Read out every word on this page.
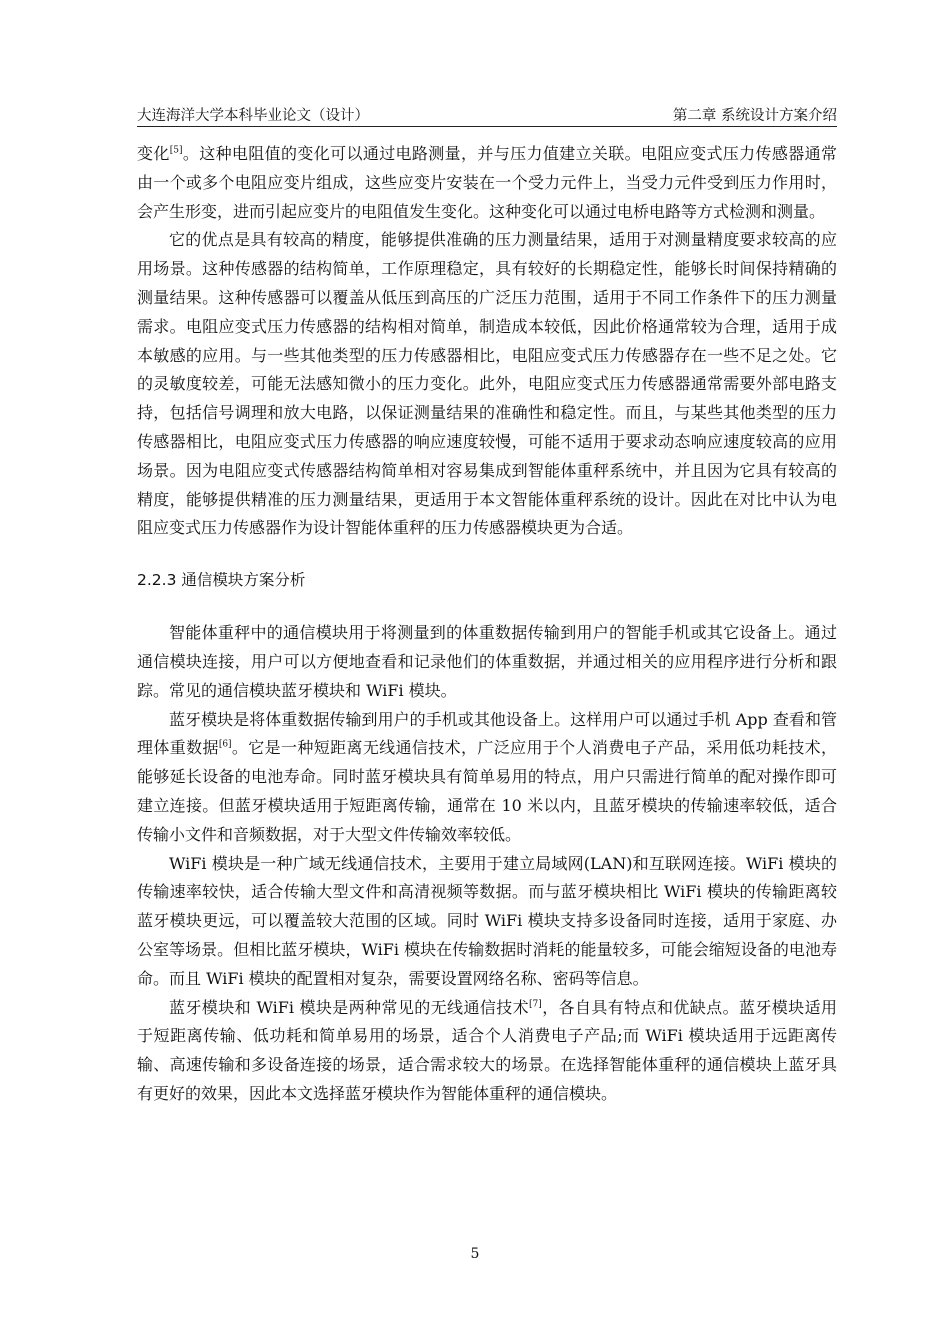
大连海洋大学本科毕业论文（设计）	第二章 系统设计方案介绍

变化[5]。这种电阻值的变化可以通过电路测量，并与压力值建立关联。电阻应变式压力传感器通常由一个或多个电阻应变片组成，这些应变片安装在一个受力元件上，当受力元件受到压力作用时，会产生形变，进而引起应变片的电阻值发生变化。这种变化可以通过电桥电路等方式检测和测量。

它的优点是具有较高的精度，能够提供准确的压力测量结果，适用于对测量精度要求较高的应用场景。这种传感器的结构简单，工作原理稳定，具有较好的长期稳定性，能够长时间保持精确的测量结果。这种传感器可以覆盖从低压到高压的广泛压力范围，适用于不同工作条件下的压力测量需求。电阻应变式压力传感器的结构相对简单，制造成本较低，因此价格通常较为合理，适用于成本敏感的应用。与一些其他类型的压力传感器相比，电阻应变式压力传感器存在一些不足之处。它的灵敏度较差，可能无法感知微小的压力变化。此外，电阻应变式压力传感器通常需要外部电路支持，包括信号调理和放大电路，以保证测量结果的准确性和稳定性。而且，与某些其他类型的压力传感器相比，电阻应变式压力传感器的响应速度较慢，可能不适用于要求动态响应速度较高的应用场景。因为电阻应变式传感器结构简单相对容易集成到智能体重秤系统中，并且因为它具有较高的精度，能够提供精准的压力测量结果，更适用于本文智能体重秤系统的设计。因此在对比中认为电阻应变式压力传感器作为设计智能体重秤的压力传感器模块更为合适。

2.2.3 通信模块方案分析

智能体重秤中的通信模块用于将测量到的体重数据传输到用户的智能手机或其它设备上。通过通信模块连接，用户可以方便地查看和记录他们的体重数据，并通过相关的应用程序进行分析和跟踪。常见的通信模块蓝牙模块和 WiFi 模块。

蓝牙模块是将体重数据传输到用户的手机或其他设备上。这样用户可以通过手机 App 查看和管理体重数据[6]。它是一种短距离无线通信技术，广泛应用于个人消费电子产品，采用低功耗技术，能够延长设备的电池寿命。同时蓝牙模块具有简单易用的特点，用户只需进行简单的配对操作即可建立连接。但蓝牙模块适用于短距离传输，通常在 10 米以内，且蓝牙模块的传输速率较低，适合传输小文件和音频数据，对于大型文件传输效率较低。

WiFi 模块是一种广域无线通信技术，主要用于建立局域网(LAN)和互联网连接。WiFi 模块的传输速率较快，适合传输大型文件和高清视频等数据。而与蓝牙模块相比 WiFi 模块的传输距离较蓝牙模块更远，可以覆盖较大范围的区域。同时 WiFi 模块支持多设备同时连接，适用于家庭、办公室等场景。但相比蓝牙模块，WiFi 模块在传输数据时消耗的能量较多，可能会缩短设备的电池寿命。而且 WiFi 模块的配置相对复杂，需要设置网络名称、密码等信息。

蓝牙模块和 WiFi 模块是两种常见的无线通信技术[7]，各自具有特点和优缺点。蓝牙模块适用于短距离传输、低功耗和简单易用的场景，适合个人消费电子产品;而 WiFi 模块适用于远距离传输、高速传输和多设备连接的场景，适合需求较大的场景。在选择智能体重秤的通信模块上蓝牙具有更好的效果，因此本文选择蓝牙模块作为智能体重秤的通信模块。

5
